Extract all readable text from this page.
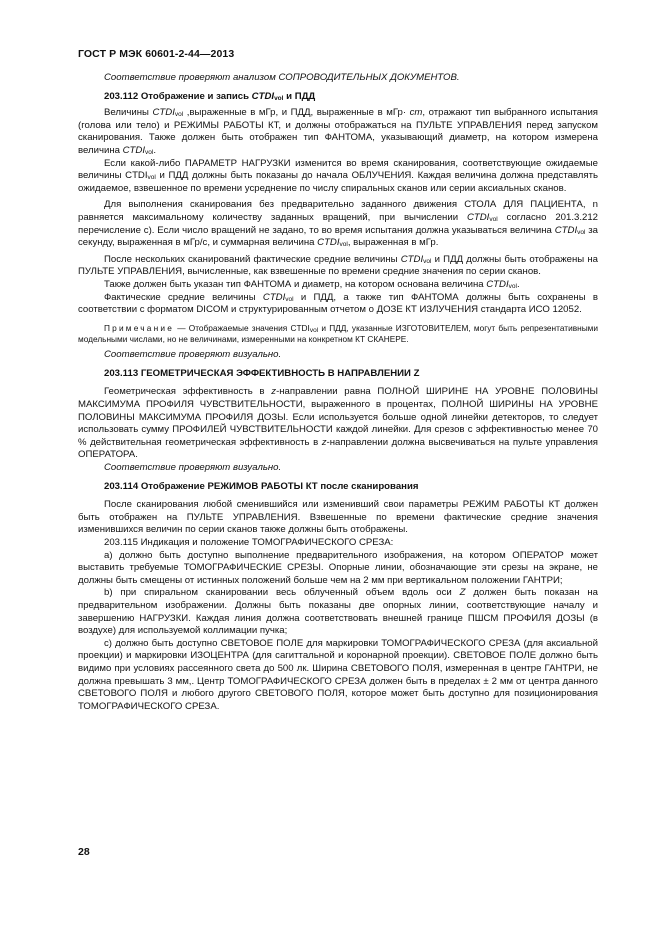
ГОСТ Р МЭК 60601-2-44—2013

Соответствие проверяют анализом СОПРОВОДИТЕЛЬНЫХ ДОКУМЕНТОВ.

203.112 Отображение и запись $CTDI_{vol}$ и ПДД

Величины $CTDI_{vol}$ ,выраженные в мГр, и ПДД, выраженные в мГр· cm, отражают тип выбранного испытания (голова или тело) и РЕЖИМЫ РАБОТЫ КТ, и должны отображаться на ПУЛЬТЕ УПРАВЛЕНИЯ перед запуском сканирования. Также должен быть отображен тип ФАНТОМА, указывающий диаметр, на котором измерена величина $CTDI_{vol}$.

Если какой-либо ПАРАМЕТР НАГРУЗКИ изменится во время сканирования, соответствующие ожидаемые величины $CTDI_{vol}$ и ПДД должны быть показаны до начала ОБЛУЧЕНИЯ. Каждая величина должна представлять ожидаемое, взвешенное по времени усреднение по числу спиральных сканов или серии аксиальных сканов.

Для выполнения сканирования без предварительно заданного движения СТОЛА ДЛЯ ПАЦИЕНТА, n равняется максимальному количеству заданных вращений, при вычислении $CTDI_{vol}$ согласно 201.3.212 перечисление с). Если число вращений не задано, то во время испытания должна указываться величина $CTDI_{vol}$ за секунду, выраженная в мГр/с, и суммарная величина $CTDI_{vol}$, выраженная в мГр.

После нескольких сканирований фактические средние величины $CTDI_{vol}$ и ПДД должны быть отображены на ПУЛЬТЕ УПРАВЛЕНИЯ, вычисленные, как взвешенные по времени средние значения по серии сканов.

Также должен быть указан тип ФАНТОМА и диаметр, на котором основана величина $CTDI_{vol}$.

Фактические средние величины $CTDI_{vol}$ и ПДД, а также тип ФАНТОМА должны быть сохранены в соответствии с форматом DICOM и структурированным отчетом о ДОЗЕ КТ ИЗЛУЧЕНИЯ стандарта ИСО 12052.

Примечание — Отображаемые значения $CTDI_{vol}$ и ПДД, указанные ИЗГОТОВИТЕЛЕМ, могут быть репрезентативными модельными числами, но не величинами, измеренными на конкретном КТ СКАНЕРЕ.

Соответствие проверяют визуально.

203.113 ГЕОМЕТРИЧЕСКАЯ ЭФФЕКТИВНОСТЬ В НАПРАВЛЕНИИ Z

Геометрическая эффективность в z-направлении равна ПОЛНОЙ ШИРИНЕ НА УРОВНЕ ПОЛОВИНЫ МАКСИМУМА ПРОФИЛЯ ЧУВСТВИТЕЛЬНОСТИ, выраженного в процентах, ПОЛНОЙ ШИРИНЫ НА УРОВНЕ ПОЛОВИНЫ МАКСИМУМА ПРОФИЛЯ ДОЗЫ. Если используется больше одной линейки детекторов, то следует использовать сумму ПРОФИЛЕЙ ЧУВСТВИТЕЛЬНОСТИ каждой линейки. Для срезов с эффективностью менее 70 % действительная геометрическая эффективность в z-направлении должна высвечиваться на пульте управления ОПЕРАТОРА.

Соответствие проверяют визуально.

203.114 Отображение РЕЖИМОВ РАБОТЫ КТ после сканирования

После сканирования любой сменившийся или изменивший свои параметры РЕЖИМ РАБОТЫ КТ должен быть отображен на ПУЛЬТЕ УПРАВЛЕНИЯ. Взвешенные по времени фактические средние значения изменившихся величин по серии сканов также должны быть отображены.

203.115 Индикация и положение ТОМОГРАФИЧЕСКОГО СРЕЗА:

а) должно быть доступно выполнение предварительного изображения, на котором ОПЕРАТОР может выставить требуемые ТОМОГРАФИЧЕСКИЕ СРЕЗЫ. Опорные линии, обозначающие эти срезы на экране, не должны быть смещены от истинных положений больше чем на 2 мм при вертикальном положении ГАНТРИ;

b) при спиральном сканировании весь облученный объем вдоль оси Z должен быть показан на предварительном изображении. Должны быть показаны две опорных линии, соответствующие началу и завершению НАГРУЗКИ. Каждая линия должна соответствовать внешней границе ПШСМ ПРОФИЛЯ ДОЗЫ (в воздухе) для используемой коллимации пучка;

c) должно быть доступно СВЕТОВОЕ ПОЛЕ для маркировки ТОМОГРАФИЧЕСКОГО СРЕЗА (для аксиальной проекции) и маркировки ИЗОЦЕНТРА (для сагиттальной и коронарной проекции). СВЕТОВОЕ ПОЛЕ должно быть видимо при условиях рассеянного света до 500 лк. Ширина СВЕТОВОГО ПОЛЯ, измеренная в центре ГАНТРИ, не должна превышать 3 мм,. Центр ТОМОГРАФИЧЕСКОГО СРЕЗА должен быть в пределах ± 2 мм от центра данного СВЕТОВОГО ПОЛЯ и любого другого СВЕТОВОГО ПОЛЯ, которое может быть доступно для позиционирования ТОМОГРАФИЧЕСКОГО СРЕЗА.

28
